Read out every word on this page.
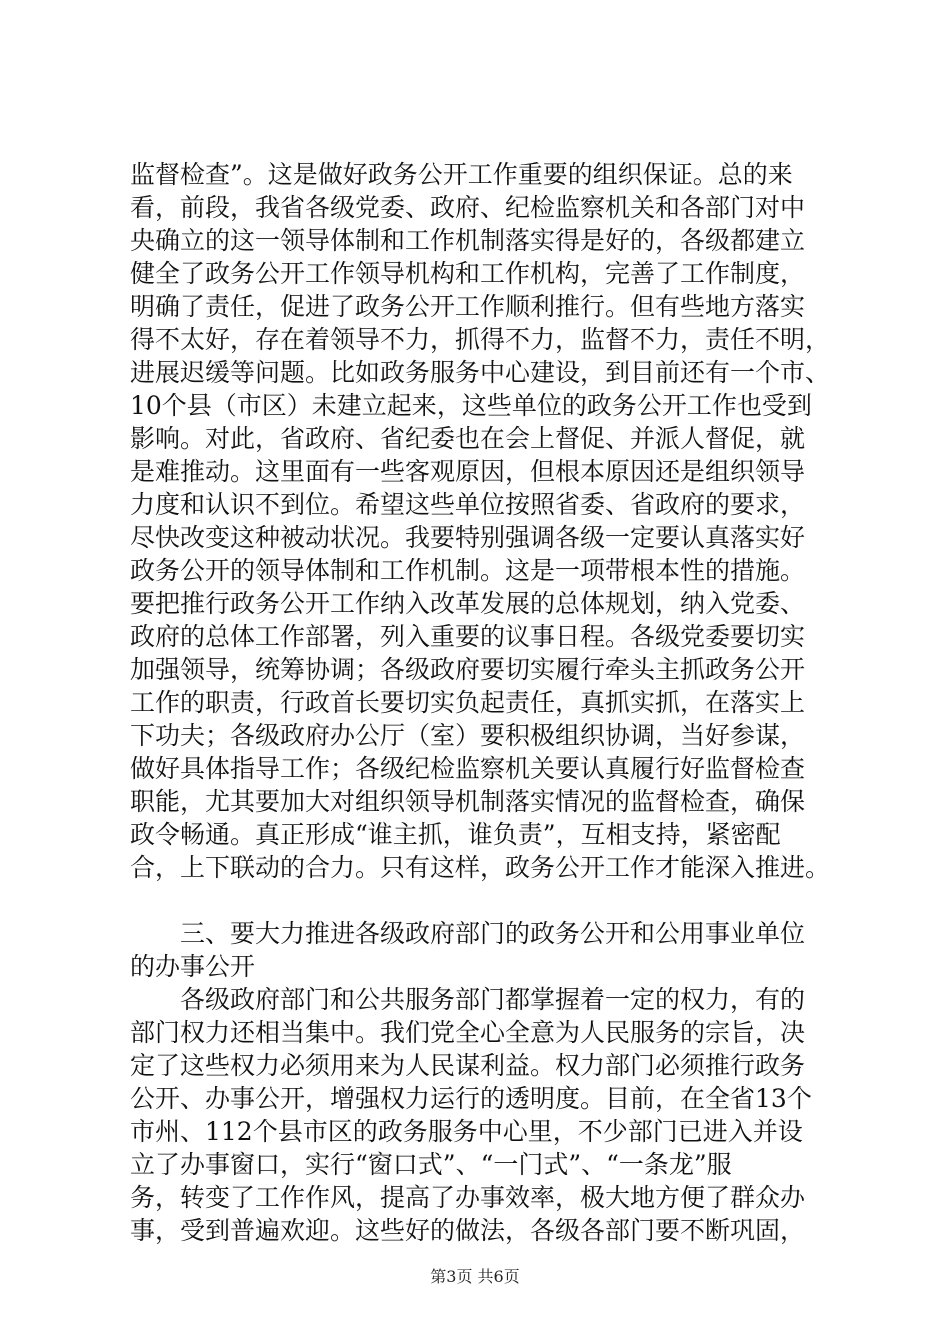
监督检查”。这是做好政务公开工作重要的组织保证。总的来
看，前段，我省各级党委、政府、纪检监察机关和各部门对中
央确立的这一领导体制和工作机制落实得是好的，各级都建立
健全了政务公开工作领导机构和工作机构，完善了工作制度，
明确了责任，促进了政务公开工作顺利推行。但有些地方落实
得不太好，存在着领导不力，抓得不力，监督不力，责任不明，
进展迟缓等问题。比如政务服务中心建设，到目前还有一个市、
10个县（市区）未建立起来，这些单位的政务公开工作也受到
影响。对此，省政府、省纪委也在会上督促、并派人督促，就
是难推动。这里面有一些客观原因，但根本原因还是组织领导
力度和认识不到位。希望这些单位按照省委、省政府的要求，
尽快改变这种被动状况。我要特别强调各级一定要认真落实好
政务公开的领导体制和工作机制。这是一项带根本性的措施。
要把推行政务公开工作纳入改革发展的总体规划，纳入党委、
政府的总体工作部署，列入重要的议事日程。各级党委要切实
加强领导，统筹协调；各级政府要切实履行牵头主抓政务公开
工作的职责，行政首长要切实负起责任，真抓实抓，在落实上
下功夫；各级政府办公厅（室）要积极组织协调，当好参谋，
做好具体指导工作；各级纪检监察机关要认真履行好监督检查
职能，尤其要加大对组织领导机制落实情况的监督检查，确保
政令畅通。真正形成“谁主抓，谁负责”，互相支持，紧密配
合，上下联动的合力。只有这样，政务公开工作才能深入推进。
　　三、要大力推进各级政府部门的政务公开和公用事业单位
的办事公开
　　各级政府部门和公共服务部门都掌握着一定的权力，有的
部门权力还相当集中。我们党全心全意为人民服务的宗旨，决
定了这些权力必须用来为人民谋利益。权力部门必须推行政务
公开、办事公开，增强权力运行的透明度。目前，在全省13个
市州、112个县市区的政务服务中心里，不少部门已进入并设
立了办事窗口，实行“窗口式”、“一门式”、“一条龙”服
务，转变了工作作风，提高了办事效率，极大地方便了群众办
事，受到普遍欢迎。这些好的做法，各级各部门要不断巩固，
第3页 共6页
